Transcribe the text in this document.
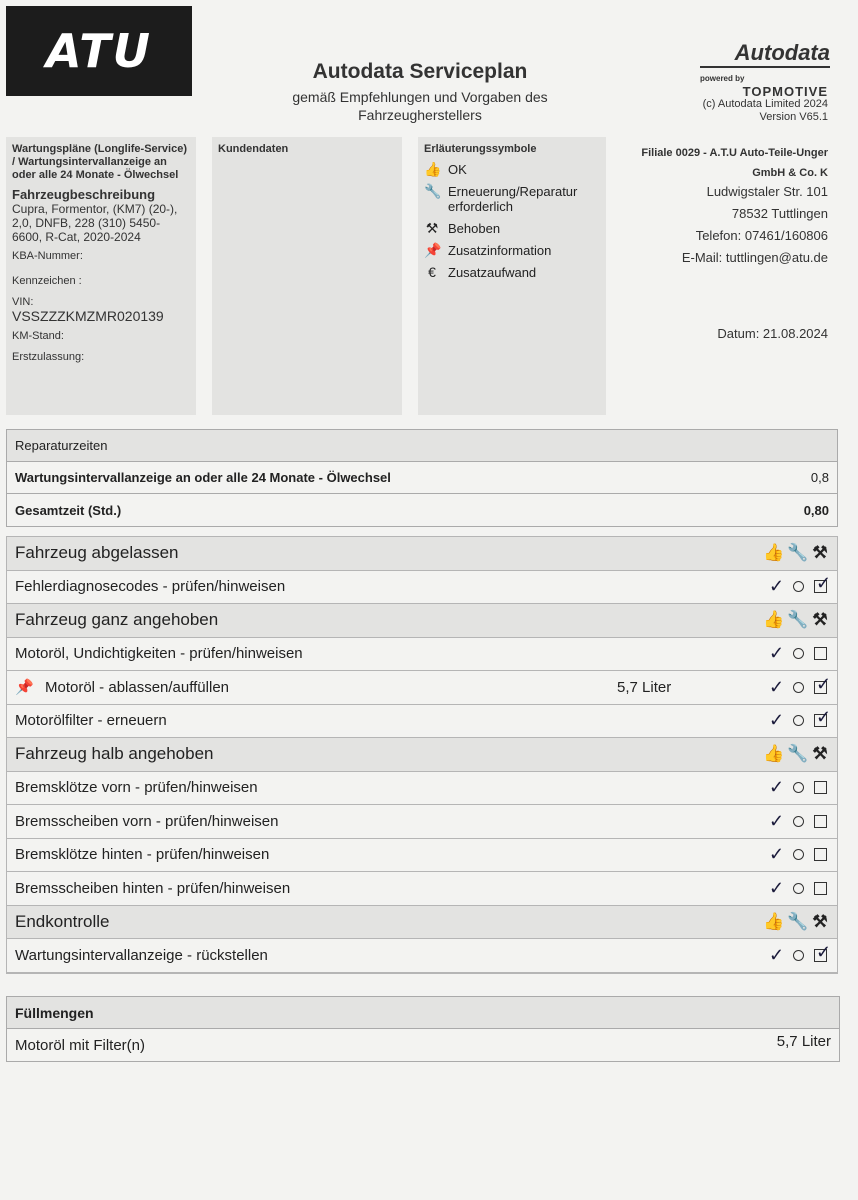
ATU	Autodata Serviceplan
gemäß Empfehlungen und Vorgaben des
Fahrzeugherstellers
Autodata
powered by
TOPMOTIVE
(c) Autodata Limited 2024
Version V65.1
Wartungspläne (Longlife-Service) / Wartungsintervallanzeige an oder alle 24 Monate - Ölwechsel
Fahrzeugbeschreibung
Cupra, Formentor, (KM7) (20-), 2,0, DNFB, 228 (310) 5450-6600, R-Cat, 2020-2024
KBA-Nummer:
Kennzeichen :
VIN:
VSSZZZKMZMR020139
KM-Stand:
Erstzulassung:
Kundendaten	Erläuterungssymbole
👍 OK
🔧 Erneuerung/Reparatur erforderlich
⚒ Behoben
📌 Zusatzinformation
€ Zusatzaufwand
Filiale 0029 - A.T.U Auto-Teile-Unger
GmbH & Co. K
Ludwigstaler Str. 101
78532 Tuttlingen
Telefon: 07461/160806
E-Mail: tuttlingen@atu.de
Datum: 21.08.2024
Reparaturzeiten
Wartungsintervallanzeige an oder alle 24 Monate - Ölwechsel	0,8
Gesamtzeit (Std.)	0,80
Fahrzeug abgelassen	👍 🔧 ⚒
Fehlerdiagnosecodes - prüfen/hinweisen	✓ ✓
Fahrzeug ganz angehoben	👍 🔧 ⚒
Motoröl, Undichtigkeiten - prüfen/hinweisen	✓
📌 Motoröl - ablassen/auffüllen	5,7 Liter	✓ ✓
Motorölfilter - erneuern	✓ ✓
Fahrzeug halb angehoben	👍 🔧 ⚒
Bremsklötze vorn - prüfen/hinweisen	✓
Bremsscheiben vorn - prüfen/hinweisen	✓
Bremsklötze hinten - prüfen/hinweisen	✓
Bremsscheiben hinten - prüfen/hinweisen	✓
Endkontrolle	👍 🔧 ⚒
Wartungsintervallanzeige - rückstellen	✓ ✓
Füllmengen
Motoröl mit Filter(n)	5,7 Liter
